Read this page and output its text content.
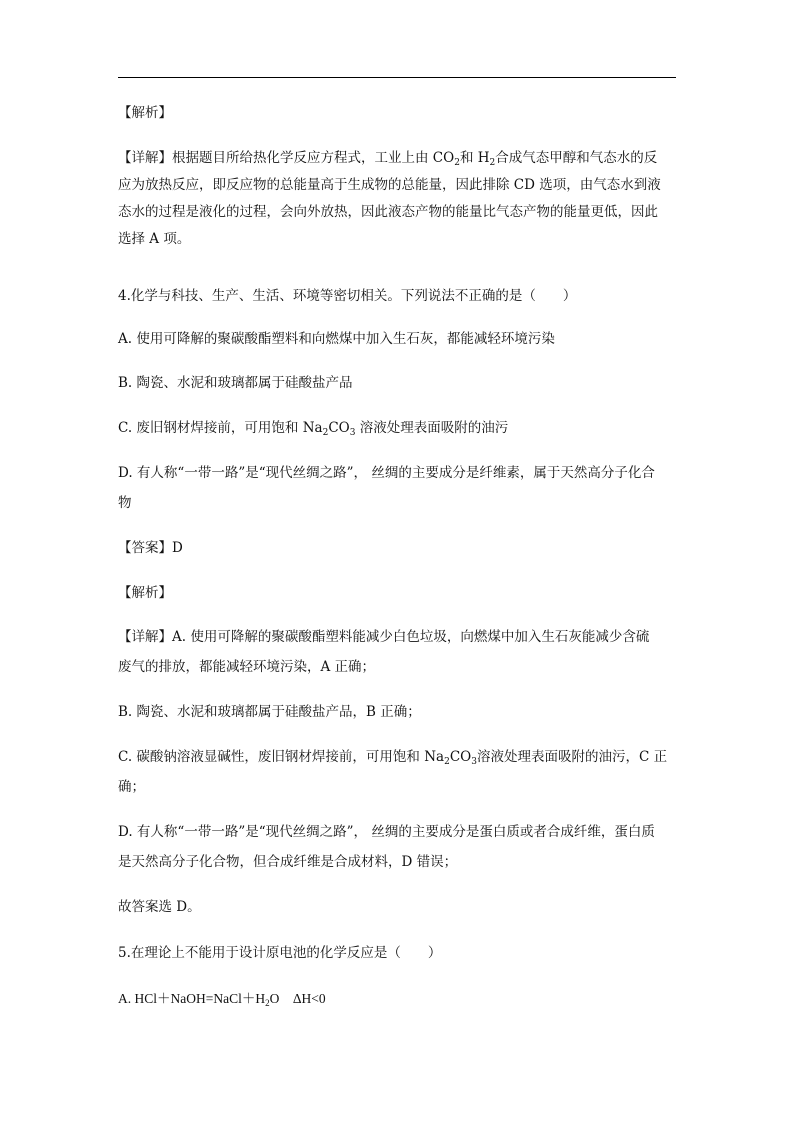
【解析】
【详解】根据题目所给热化学反应方程式，工业上由 $CO_2$和 $H_2$合成气态甲醇和气态水的反
应为放热反应，即反应物的总能量高于生成物的总能量，因此排除 CD 选项，由气态水到液
态水的过程是液化的过程，会向外放热，因此液态产物的能量比气态产物的能量更低，因此
选择 A 项。
4.化学与科技、生产、生活、环境等密切相关。下列说法不正确的是（　　）
A. 使用可降解的聚碳酸酯塑料和向燃煤中加入生石灰，都能减轻环境污染
B. 陶瓷、水泥和玻璃都属于硅酸盐产品
C. 废旧钢材焊接前，可用饱和 $Na_2CO_3$ 溶液处理表面吸附的油污
D. 有人称“一带一路”是“现代丝绸之路”， 丝绸的主要成分是纤维素，属于天然高分子化合
物
【答案】D
【解析】
【详解】A. 使用可降解的聚碳酸酯塑料能减少白色垃圾，向燃煤中加入生石灰能减少含硫
废气的排放，都能减轻环境污染，A 正确；
B. 陶瓷、水泥和玻璃都属于硅酸盐产品，B 正确；
C. 碳酸钠溶液显碱性，废旧钢材焊接前，可用饱和 $Na_2CO_3$溶液处理表面吸附的油污，C 正
确；
D. 有人称“一带一路”是“现代丝绸之路”， 丝绸的主要成分是蛋白质或者合成纤维，蛋白质
是天然高分子化合物，但合成纤维是合成材料，D 错误；
故答案选 D。
5.在理论上不能用于设计原电池的化学反应是（　　）
A. $HCl+NaOH=NaCl+H_2O$　ΔH<0
